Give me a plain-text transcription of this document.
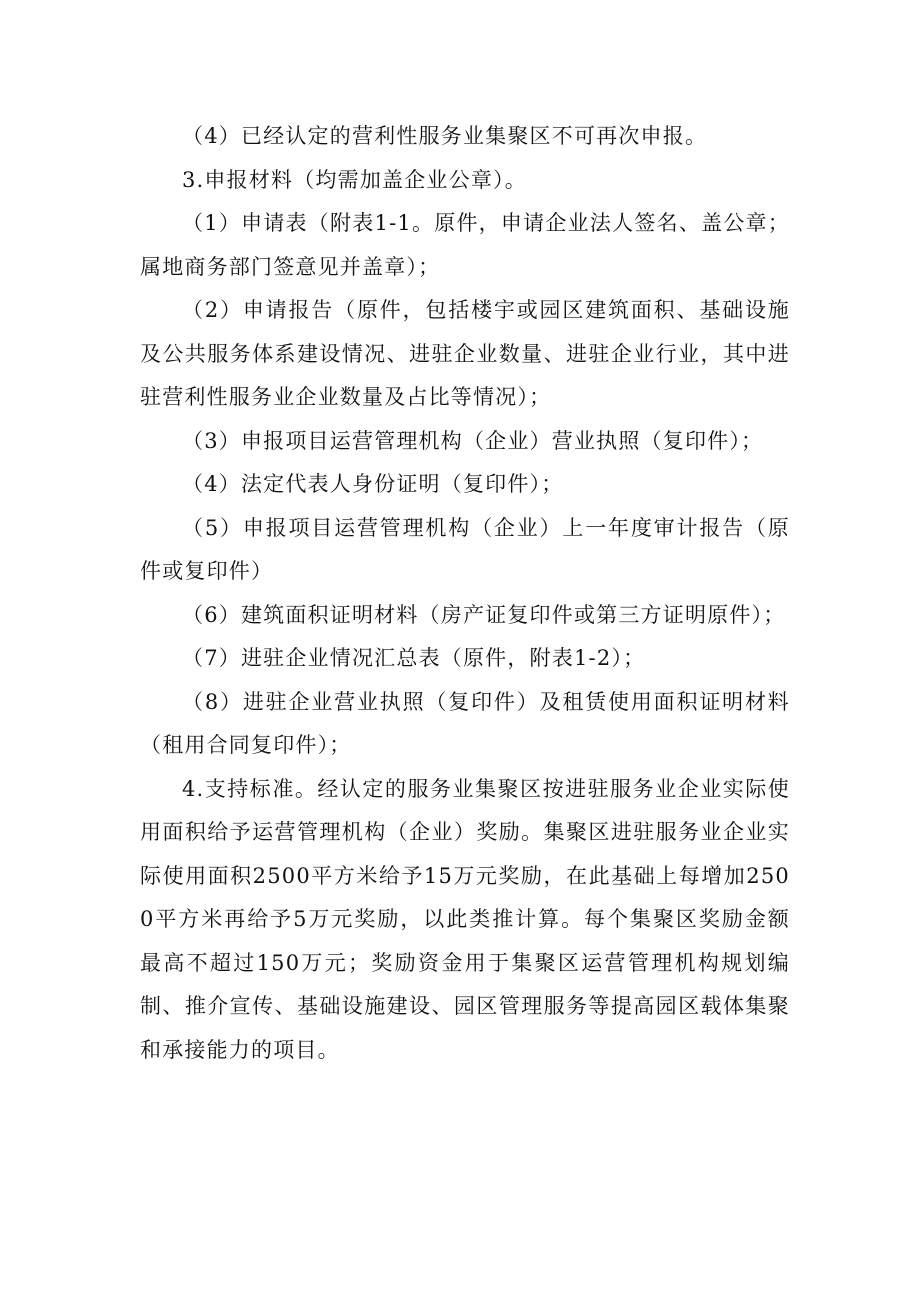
（4）已经认定的营利性服务业集聚区不可再次申报。

3.申报材料（均需加盖企业公章）。

（1）申请表（附表1-1。原件，申请企业法人签名、盖公章；属地商务部门签意见并盖章）；

（2）申请报告（原件，包括楼宇或园区建筑面积、基础设施及公共服务体系建设情况、进驻企业数量、进驻企业行业，其中进驻营利性服务业企业数量及占比等情况）；

（3）申报项目运营管理机构（企业）营业执照（复印件）；

（4）法定代表人身份证明（复印件）；

（5）申报项目运营管理机构（企业）上一年度审计报告（原件或复印件）

（6）建筑面积证明材料（房产证复印件或第三方证明原件）；

（7）进驻企业情况汇总表（原件，附表1-2）；

（8）进驻企业营业执照（复印件）及租赁使用面积证明材料（租用合同复印件）；

4.支持标准。经认定的服务业集聚区按进驻服务业企业实际使用面积给予运营管理机构（企业）奖励。集聚区进驻服务业企业实际使用面积2500平方米给予15万元奖励，在此基础上每增加2500平方米再给予5万元奖励，以此类推计算。每个集聚区奖励金额最高不超过150万元；奖励资金用于集聚区运营管理机构规划编制、推介宣传、基础设施建设、园区管理服务等提高园区载体集聚和承接能力的项目。
